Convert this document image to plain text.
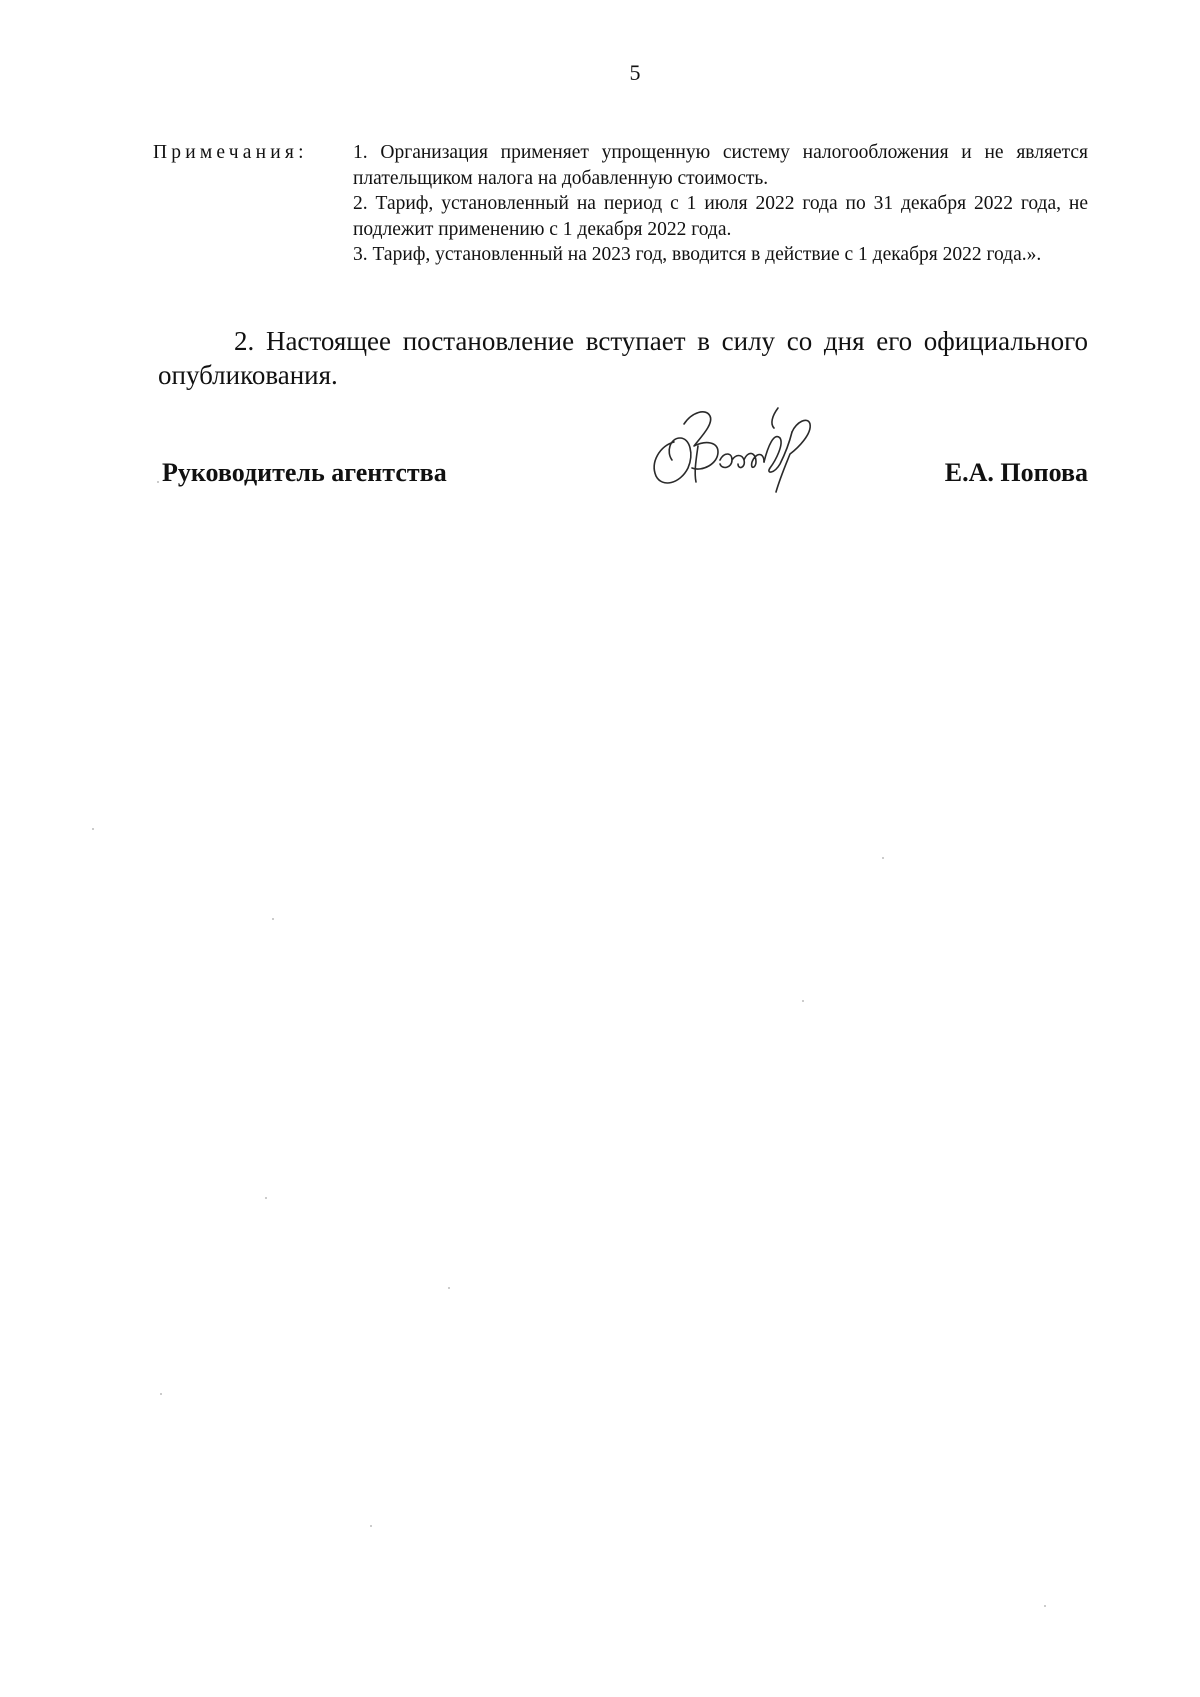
5
Примечания:	1. Организация применяет упрощенную систему налогообложения и не является плательщиком налога на добавленную стоимость.

2. Тариф, установленный на период с 1 июля 2022 года по 31 декабря 2022 года, не подлежит применению с 1 декабря 2022 года.

3. Тариф, установленный на 2023 год, вводится в действие с 1 декабря 2022 года.».

2. Настоящее постановление вступает в силу со дня его официального опубликования.

Руководитель агентства	Е.А. Попова
